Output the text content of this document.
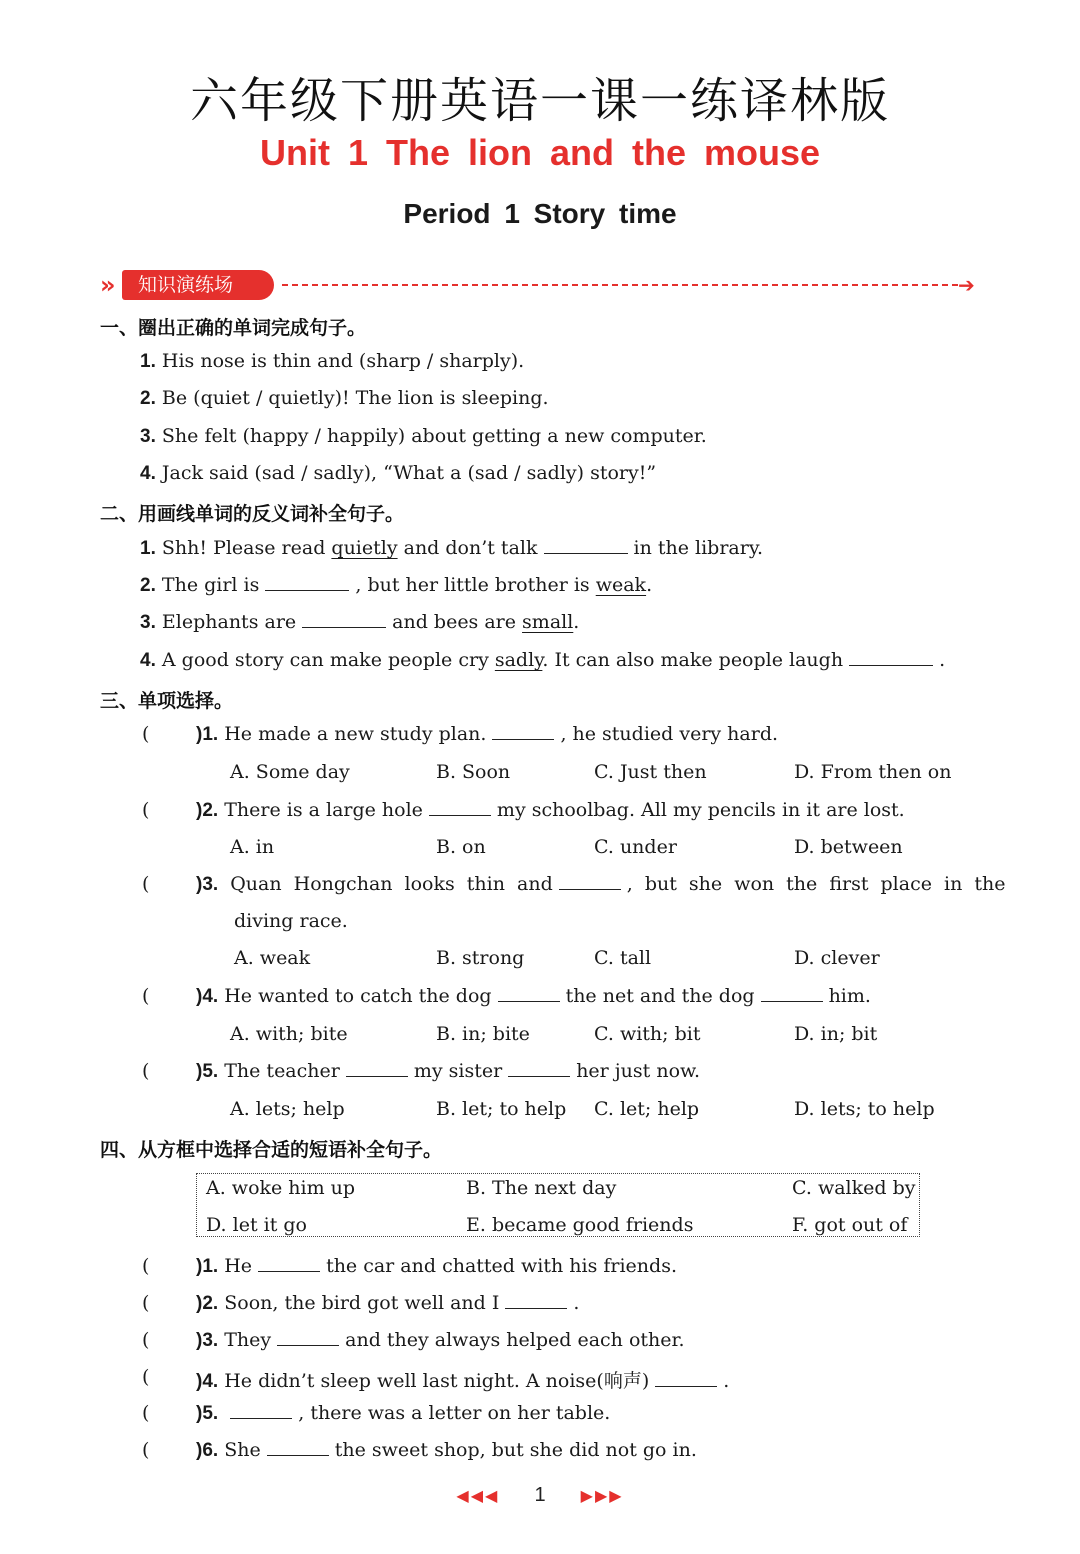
六年级下册英语一课一练译林版
Unit 1 The lion and the mouse
Period 1 Story time
知识演练场
»	➔
一、圈出正确的单词完成句子。
1. His nose is thin and (sharp / sharply).
2. Be (quiet / quietly)! The lion is sleeping.
3. She felt (happy / happily) about getting a new computer.
4. Jack said (sad / sadly), “What a (sad / sadly) story!”
二、用画线单词的反义词补全句子。
1. Shh! Please read quietly and don’t talk	in the library.
2. The girl is	, but her little brother is weak.
3. Elephants are	and bees are small.
4. A good story can make people cry sadly. It can also make people laugh	.
三、单项选择。
( )1. He made a new study plan.	, he studied very hard.
A. Some day	B. Soon	C. Just then	D. From then on
( )2. There is a large hole	my schoolbag. All my pencils in it are lost.
A. in	B. on	C. under	D. between
( )3. Quan Hongchan looks thin and	, but she won the first place in the
diving race.
A. weak	B. strong	C. tall	D. clever
( )4. He wanted to catch the dog	the net and the dog	him.
A. with; bite	B. in; bite	C. with; bit	D. in; bit
( )5. The teacher	my sister	her just now.
A. lets; help	B. let; to help C. let; help	D. lets; to help
四、从方框中选择合适的短语补全句子。
A. woke him up	B. The next day	C. walked by
D. let it go	E. became good friends	F. got out of
( )1. He	the car and chatted with his friends.
( )2. Soon, the bird got well and I	.
( )3. They	and they always helped each other.
( )4. He didn’t sleep well last night. A noise(响声)	.
( )5.	, there was a letter on her table.
( )6. She	the sweet shop, but she did not go in.
◀◀◀ 1 ▶▶▶
